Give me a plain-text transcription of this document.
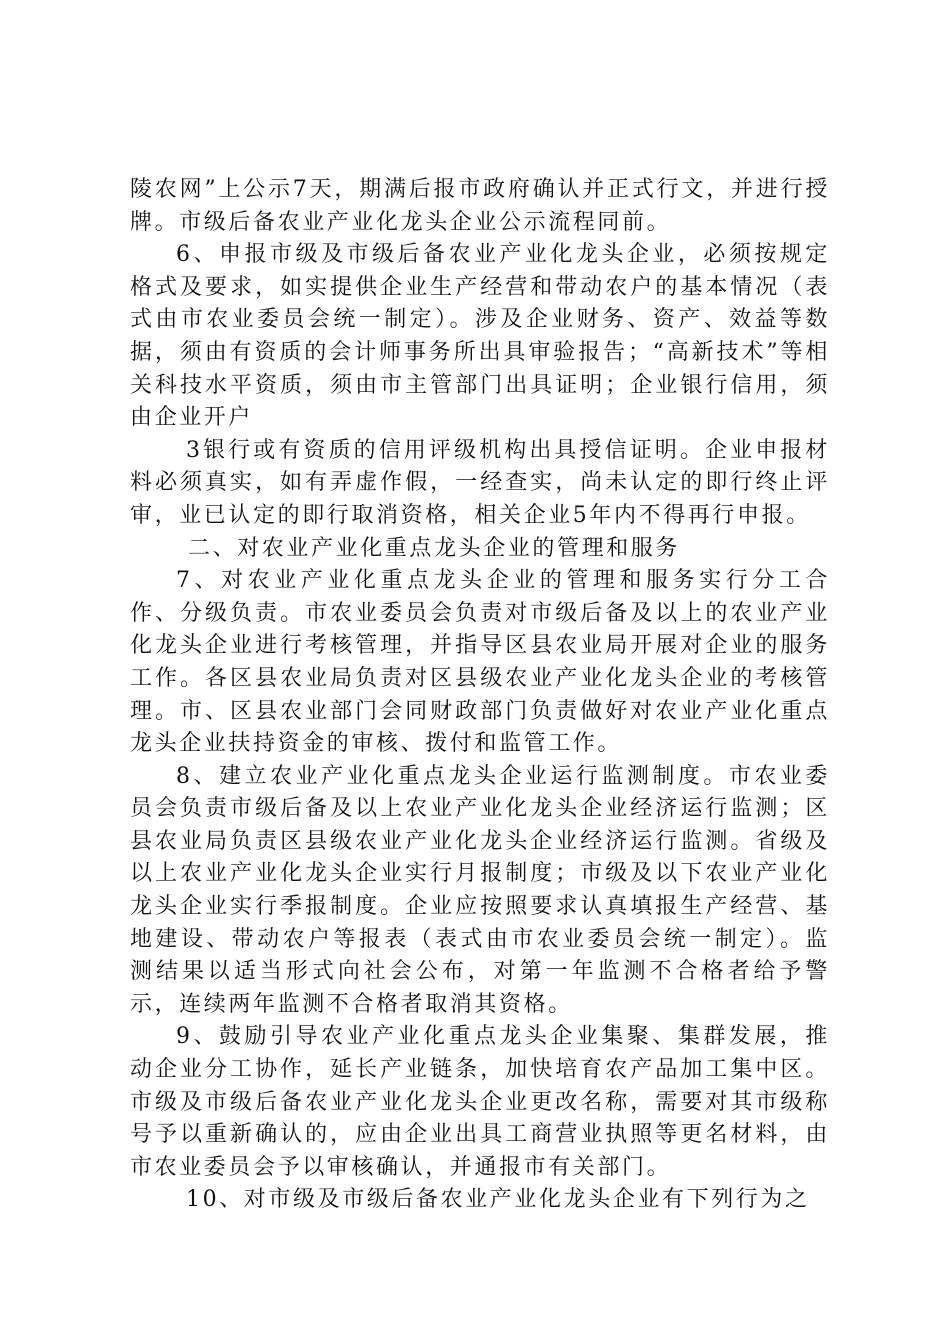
陵农网”上公示7天，期满后报市政府确认并正式行文，并进行授牌。市级后备农业产业化龙头企业公示流程同前。

6、申报市级及市级后备农业产业化龙头企业，必须按规定格式及要求，如实提供企业生产经营和带动农户的基本情况（表式由市农业委员会统一制定）。涉及企业财务、资产、效益等数据，须由有资质的会计师事务所出具审验报告；“高新技术”等相关科技水平资质，须由市主管部门出具证明；企业银行信用，须由企业开户

3银行或有资质的信用评级机构出具授信证明。企业申报材料必须真实，如有弄虚作假，一经查实，尚未认定的即行终止评审，业已认定的即行取消资格，相关企业5年内不得再行申报。

二、对农业产业化重点龙头企业的管理和服务

7、对农业产业化重点龙头企业的管理和服务实行分工合作、分级负责。市农业委员会负责对市级后备及以上的农业产业化龙头企业进行考核管理，并指导区县农业局开展对企业的服务工作。各区县农业局负责对区县级农业产业化龙头企业的考核管理。市、区县农业部门会同财政部门负责做好对农业产业化重点龙头企业扶持资金的审核、拨付和监管工作。

8、建立农业产业化重点龙头企业运行监测制度。市农业委员会负责市级后备及以上农业产业化龙头企业经济运行监测；区县农业局负责区县级农业产业化龙头企业经济运行监测。省级及以上农业产业化龙头企业实行月报制度；市级及以下农业产业化龙头企业实行季报制度。企业应按照要求认真填报生产经营、基地建设、带动农户等报表（表式由市农业委员会统一制定）。监测结果以适当形式向社会公布，对第一年监测不合格者给予警示，连续两年监测不合格者取消其资格。

9、鼓励引导农业产业化重点龙头企业集聚、集群发展，推动企业分工协作，延长产业链条，加快培育农产品加工集中区。市级及市级后备农业产业化龙头企业更改名称，需要对其市级称号予以重新确认的，应由企业出具工商营业执照等更名材料，由市农业委员会予以审核确认，并通报市有关部门。

10、对市级及市级后备农业产业化龙头企业有下列行为之
